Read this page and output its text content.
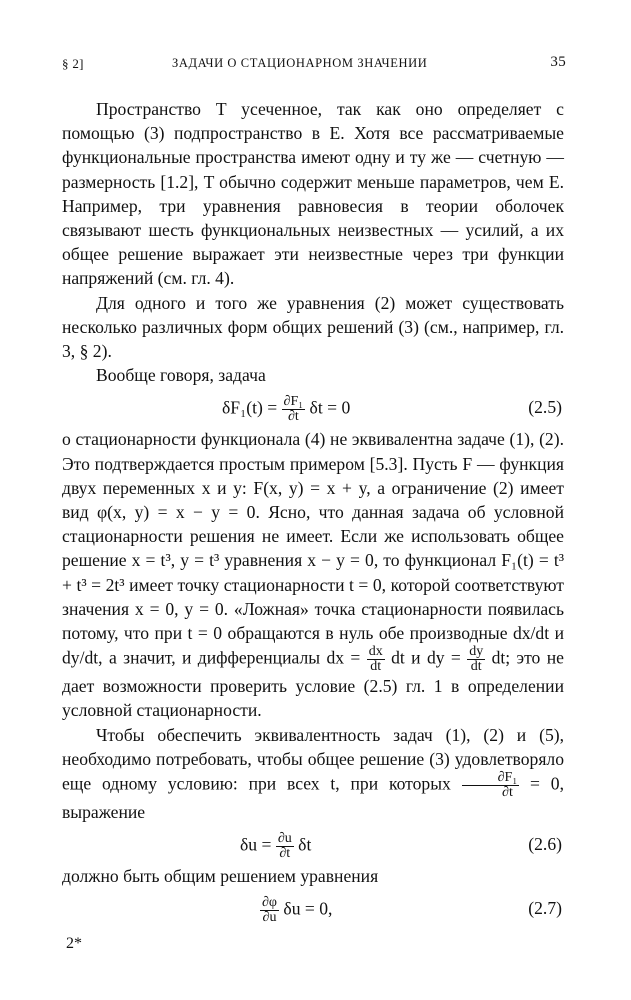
§ 2]	ЗАДАЧИ О СТАЦИОНАРНОМ ЗНАЧЕНИИ	35

Пространство T усеченное, так как оно определяет с помощью (3) подпространство в E. Хотя все рассматриваемые функциональные пространства имеют одну и ту же — счетную — размерность [1.2], T обычно содержит меньше параметров, чем E. Например, три уравнения равновесия в теории оболочек связывают шесть функциональных неизвестных — усилий, а их общее решение выражает эти неизвестные через три функции напряжений (см. гл. 4).

Для одного и того же уравнения (2) может существовать несколько различных форм общих решений (3) (см., например, гл. 3, § 2).

Вообще говоря, задача

$\delta F_1(t) = \frac{\text{∂F₁}}{\partial t}$ δt = 0	(2.5)

о стационарности функционала (4) не эквивалентна задаче (1), (2). Это подтверждается простым примером [5.3]. Пусть F — функция двух переменных x и y: F(x, y) = x + y, а ограничение (2) имеет вид φ(x, y) = x − y = 0. Ясно, что данная задача об условной стационарности решения не имеет. Если же использовать общее решение x = t³, y = t³ уравнения x − y = 0, то функционал F₁(t) = t³ + t³ = 2t³ имеет точку стационарности t = 0, которой соответствуют значения x = 0, y = 0. «Ложная» точка стационарности появилась потому, что при t = 0 обращаются в нуль обе производные dx/dt и dy/dt, а значит, и дифференциалы dx = $\frac{dx}{dt}$ dt и dy = $\frac{dy}{dt}$ dt; это не дает возможности проверить условие (2.5) гл. 1 в определении условной стационарности.

Чтобы обеспечить эквивалентность задач (1), (2) и (5), необходимо потребовать, чтобы общее решение (3) удовлетворяло еще одному условию: при всех t, при которых $\frac{\text{∂F₁}}{\partial t} = 0$, выражение

$\delta u = \frac{\partial u}{\partial t}$ δt	(2.6)

должно быть общим решением уравнения

$\frac{\partial\varphi}{\partial u}$ δu = 0,	(2.7)
2*
